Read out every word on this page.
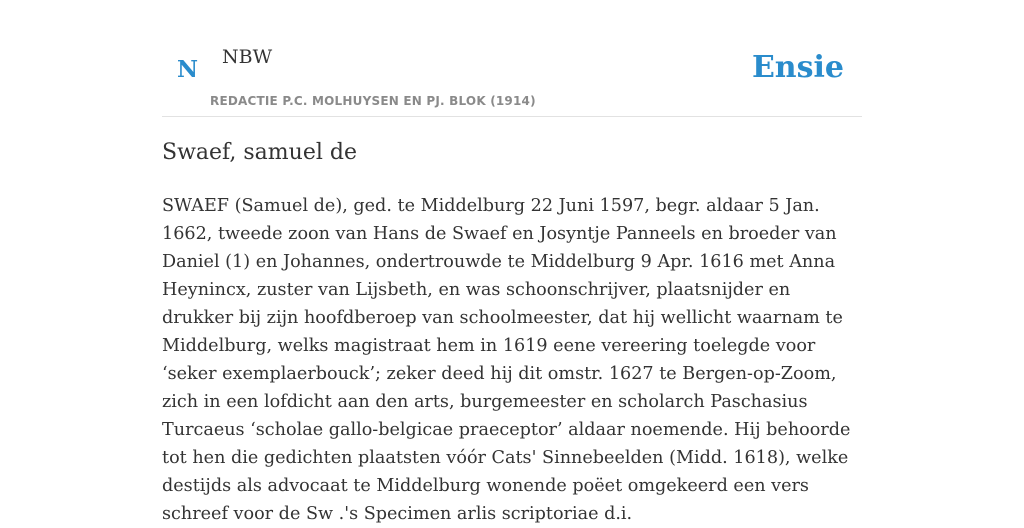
N NBW
REDACTIE P.C. MOLHUYSEN EN PJ. BLOK (1914)
Ensie
Swaef, samuel de

SWAEF (Samuel de), ged. te Middelburg 22 Juni 1597, begr. aldaar 5 Jan. 1662, tweede zoon van Hans de Swaef en Josyntje Panneels en broeder van Daniel (1) en Johannes, ondertrouwde te Middelburg 9 Apr. 1616 met Anna Heynincx, zuster van Lijsbeth, en was schoonschrijver, plaatsnijder en drukker bij zijn hoofdberoep van schoolmeester, dat hij wellicht waarnam te Middelburg, welks magistraat hem in 1619 eene vereering toelegde voor ‘seker exemplaerbouck’; zeker deed hij dit omstr. 1627 te Bergen-op-Zoom, zich in een lofdicht aan den arts, burgemeester en scholarch Paschasius Turcaeus ‘scholae gallo-belgicae praeceptor’ aldaar noemende. Hij behoorde tot hen die gedichten plaatsten vóór Cats' Sinnebeelden (Midd. 1618), welke destijds als advocaat te Middelburg wonende poëet omgekeerd een vers schreef voor de Sw .'s Specimen arlis scriptoriae d.i.
